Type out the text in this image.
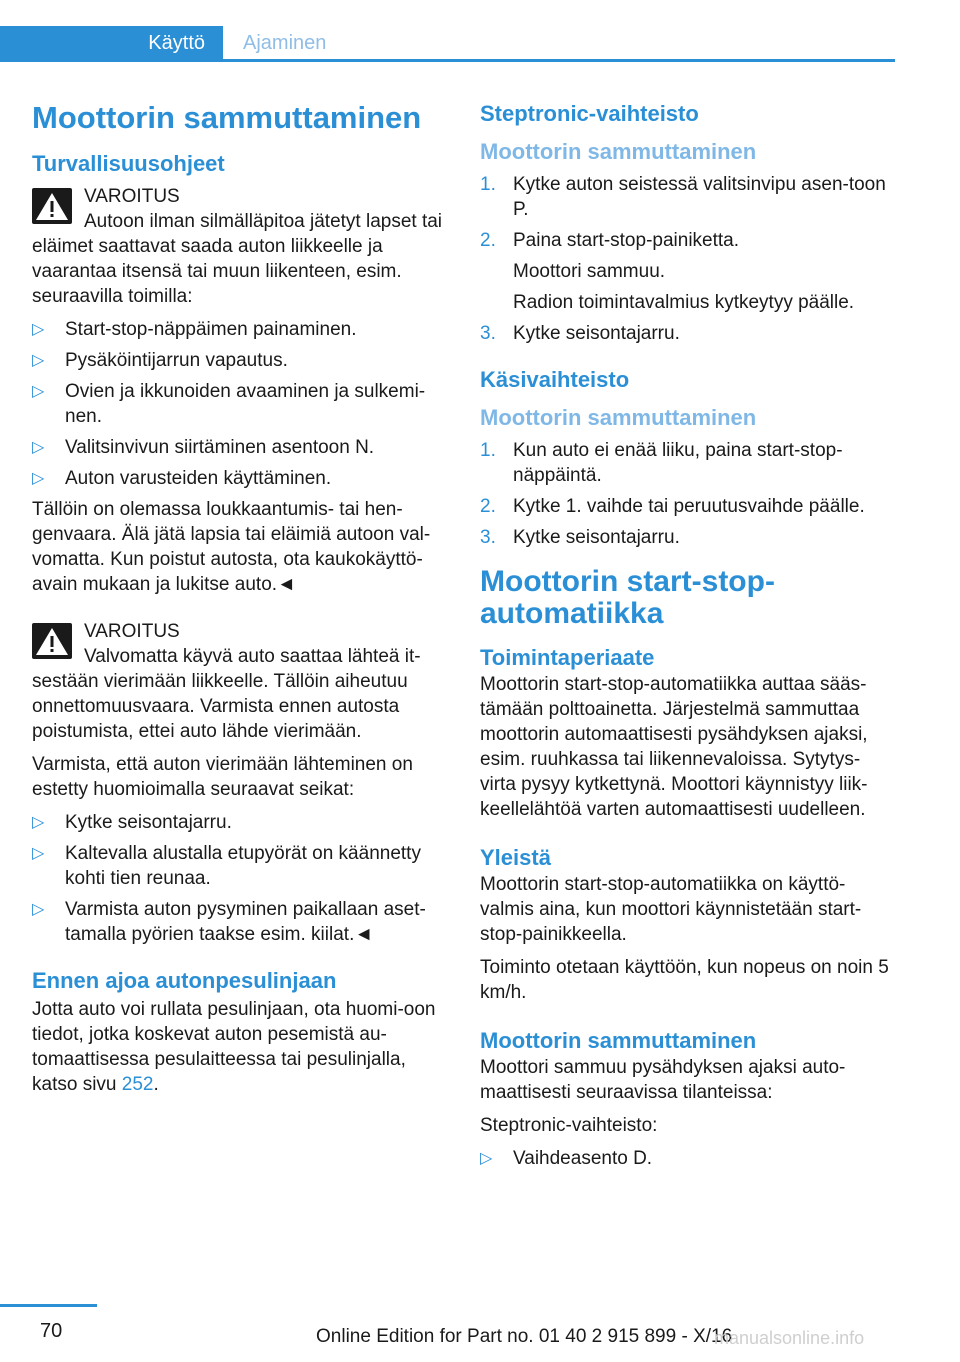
Käyttö	Ajaminen
Moottorin sammuttaminen
Turvallisuusohjeet
VAROITUS
Autoon ilman silmälläpitoa jätetyt lapset tai eläimet saattavat saada auton liikkeelle ja vaarantaa itsensä tai muun liikenteen, esim. seuraavilla toimilla:
▷ Start-stop-näppäimen painaminen.
▷ Pysäköintijarrun vapautus.
▷ Ovien ja ikkunoiden avaaminen ja sulkemi-nen.
▷ Valitsinvivun siirtäminen asentoon N.
▷ Auton varusteiden käyttäminen.

Tällöin on olemassa loukkaantumis- tai hen-genvaara. Älä jätä lapsia tai eläimiä autoon val-vomatta. Kun poistut autosta, ota kaukokäyttö-avain mukaan ja lukitse auto.◄

VAROITUS
Valvomatta käyvä auto saattaa lähteä it-sestään vierimään liikkeelle. Tällöin aiheutuu onnettomuusvaara. Varmista ennen autosta poistumista, ettei auto lähde vierimään.

Varmista, että auton vierimään lähteminen on estetty huomioimalla seuraavat seikat:

▷ Kytke seisontajarru.
▷ Kaltevalla alustalla etupyörät on käännetty kohti tien reunaa.
▷ Varmista auton pysyminen paikallaan aset-tamalla pyörien taakse esim. kiilat.◄
Ennen ajoa autonpesulinjaan

Jotta auto voi rullata pesulinjaan, ota huomi-oon tiedot, jotka koskevat auton pesemistä au-tomaattisessa pesulaitteessa tai pesulinjalla, katso sivu 252.

Steptronic-vaihteisto
Moottorin sammuttaminen
1. Kytke auton seistessä valitsinvipu asen-toon P.
2. Paina start-stop-painiketta.
Moottori sammuu.
Radion toimintavalmius kytkeytyy päälle.
3. Kytke seisontajarru.
Käsivaihteisto
Moottorin sammuttaminen
1. Kun auto ei enää liiku, paina start-stop-näppäintä.
2. Kytke 1. vaihde tai peruutusvaihde päälle.
3. Kytke seisontajarru.
Moottorin start-stop-automatiikka
Toimintaperiaate

Moottorin start-stop-automatiikka auttaa sääs-tämään polttoainetta. Järjestelmä sammuttaa moottorin automaattisesti pysähdyksen ajaksi, esim. ruuhkassa tai liikennevaloissa. Sytytys-virta pysyy kytkettynä. Moottori käynnistyy liik-keellelähtöä varten automaattisesti uudelleen.

Yleistä

Moottorin start-stop-automatiikka on käyttö-valmis aina, kun moottori käynnistetään start-stop-painikkeella.

Toiminto otetaan käyttöön, kun nopeus on noin 5 km/h.

Moottorin sammuttaminen

Moottori sammuu pysähdyksen ajaksi auto-maattisesti seuraavissa tilanteissa:

Steptronic-vaihteisto:

▷ Vaihdeasento D.
70	Online Edition for Part no. 01 40 2 915 899 - X/16
manualsonline.info
